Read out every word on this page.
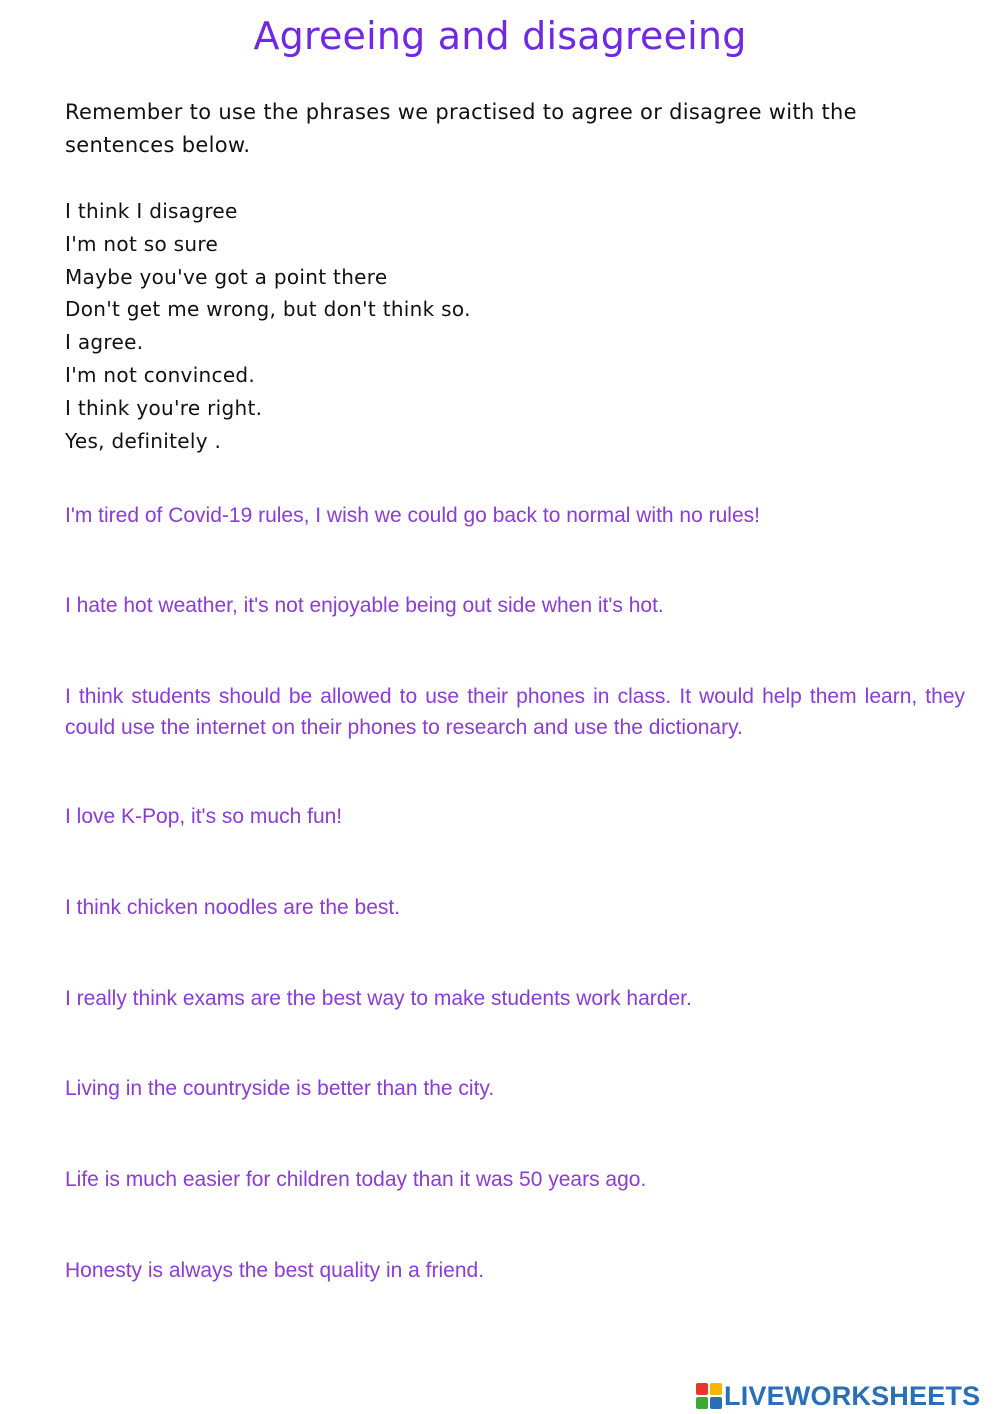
Agreeing and disagreeing
Remember to use the phrases we practised to agree or disagree with the sentences below.
I think I disagree
I'm not so sure
Maybe you've got a point there
Don't get me wrong, but don't think so.
I agree.
I'm not convinced.
I think you're right.
Yes, definitely .
I'm tired of Covid-19 rules, I wish we could go back to normal with no rules!
I hate hot weather, it's not enjoyable being out side when it's hot.
I think students should be allowed to use their phones in class. It would help them learn, they could use the internet on their phones to research and use the dictionary.
I love K-Pop, it's so much fun!
I think chicken noodles are the best.
I really think exams are the best way to make students work harder.
Living in the countryside is better than the city.
Life is much easier for children today than it was 50 years ago.
Honesty is always the best quality in a friend.
LIVEWORKSHEETS
